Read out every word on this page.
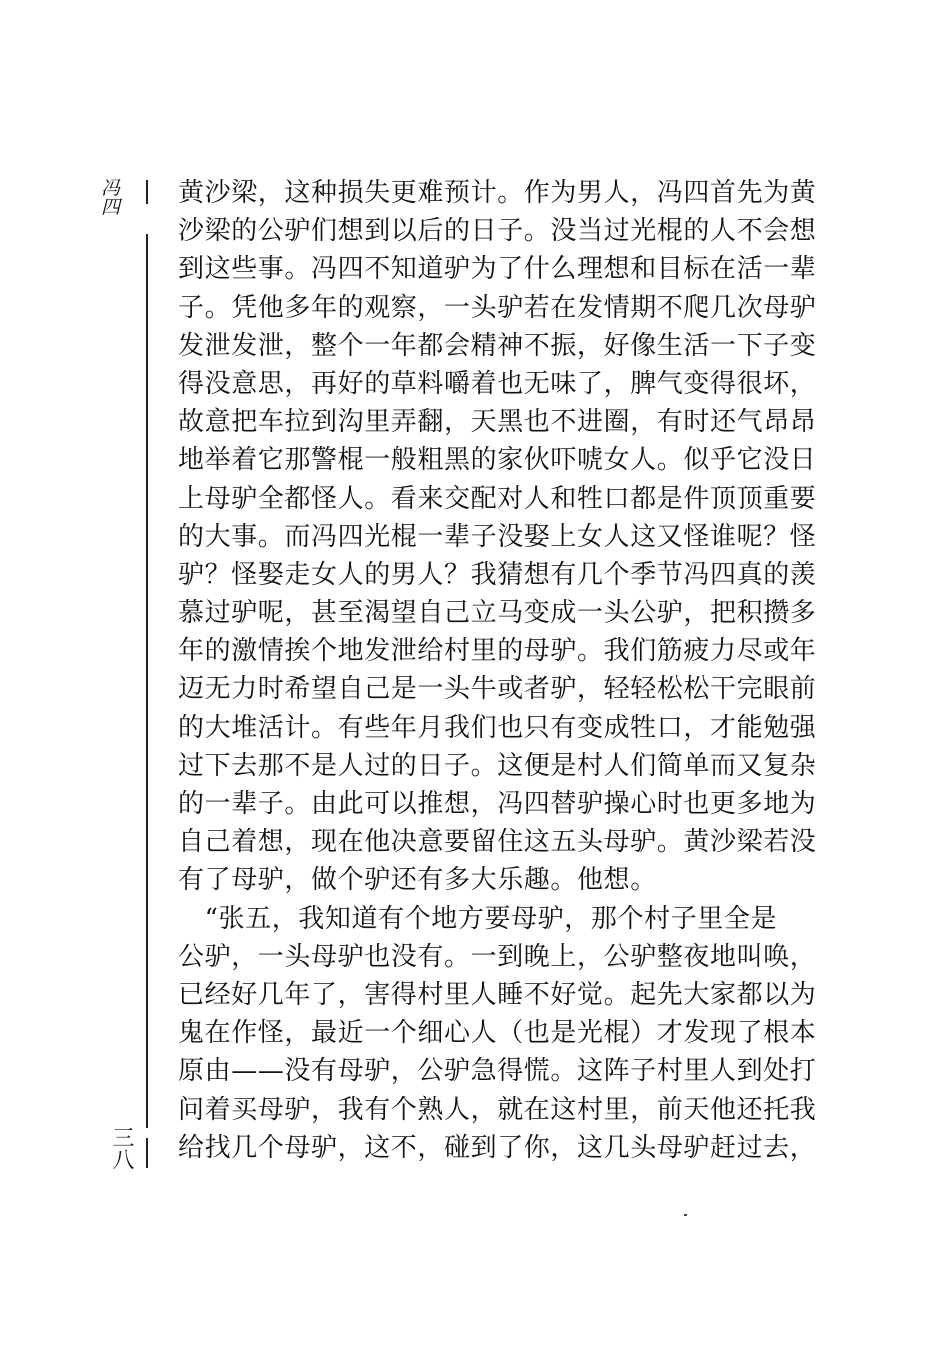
冯四
三八
黄沙梁，这种损失更难预计。作为男人，冯四首先为黄
沙梁的公驴们想到以后的日子。没当过光棍的人不会想
到这些事。冯四不知道驴为了什么理想和目标在活一辈
子。凭他多年的观察，一头驴若在发情期不爬几次母驴
发泄发泄，整个一年都会精神不振，好像生活一下子变
得没意思，再好的草料嚼着也无味了，脾气变得很坏，
故意把车拉到沟里弄翻，天黑也不进圈，有时还气昂昂
地举着它那警棍一般粗黑的家伙吓唬女人。似乎它没日
上母驴全都怪人。看来交配对人和牲口都是件顶顶重要
的大事。而冯四光棍一辈子没娶上女人这又怪谁呢？怪
驴？怪娶走女人的男人？我猜想有几个季节冯四真的羡
慕过驴呢，甚至渴望自己立马变成一头公驴，把积攒多
年的激情挨个地发泄给村里的母驴。我们筋疲力尽或年
迈无力时希望自己是一头牛或者驴，轻轻松松干完眼前
的大堆活计。有些年月我们也只有变成牲口，才能勉强
过下去那不是人过的日子。这便是村人们简单而又复杂
的一辈子。由此可以推想，冯四替驴操心时也更多地为
自己着想，现在他决意要留住这五头母驴。黄沙梁若没
有了母驴，做个驴还有多大乐趣。他想。
　“张五，我知道有个地方要母驴，那个村子里全是
公驴，一头母驴也没有。一到晚上，公驴整夜地叫唤，
已经好几年了，害得村里人睡不好觉。起先大家都以为
鬼在作怪，最近一个细心人（也是光棍）才发现了根本
原由——没有母驴，公驴急得慌。这阵子村里人到处打
问着买母驴，我有个熟人，就在这村里，前天他还托我
给找几个母驴，这不，碰到了你，这几头母驴赶过去，
